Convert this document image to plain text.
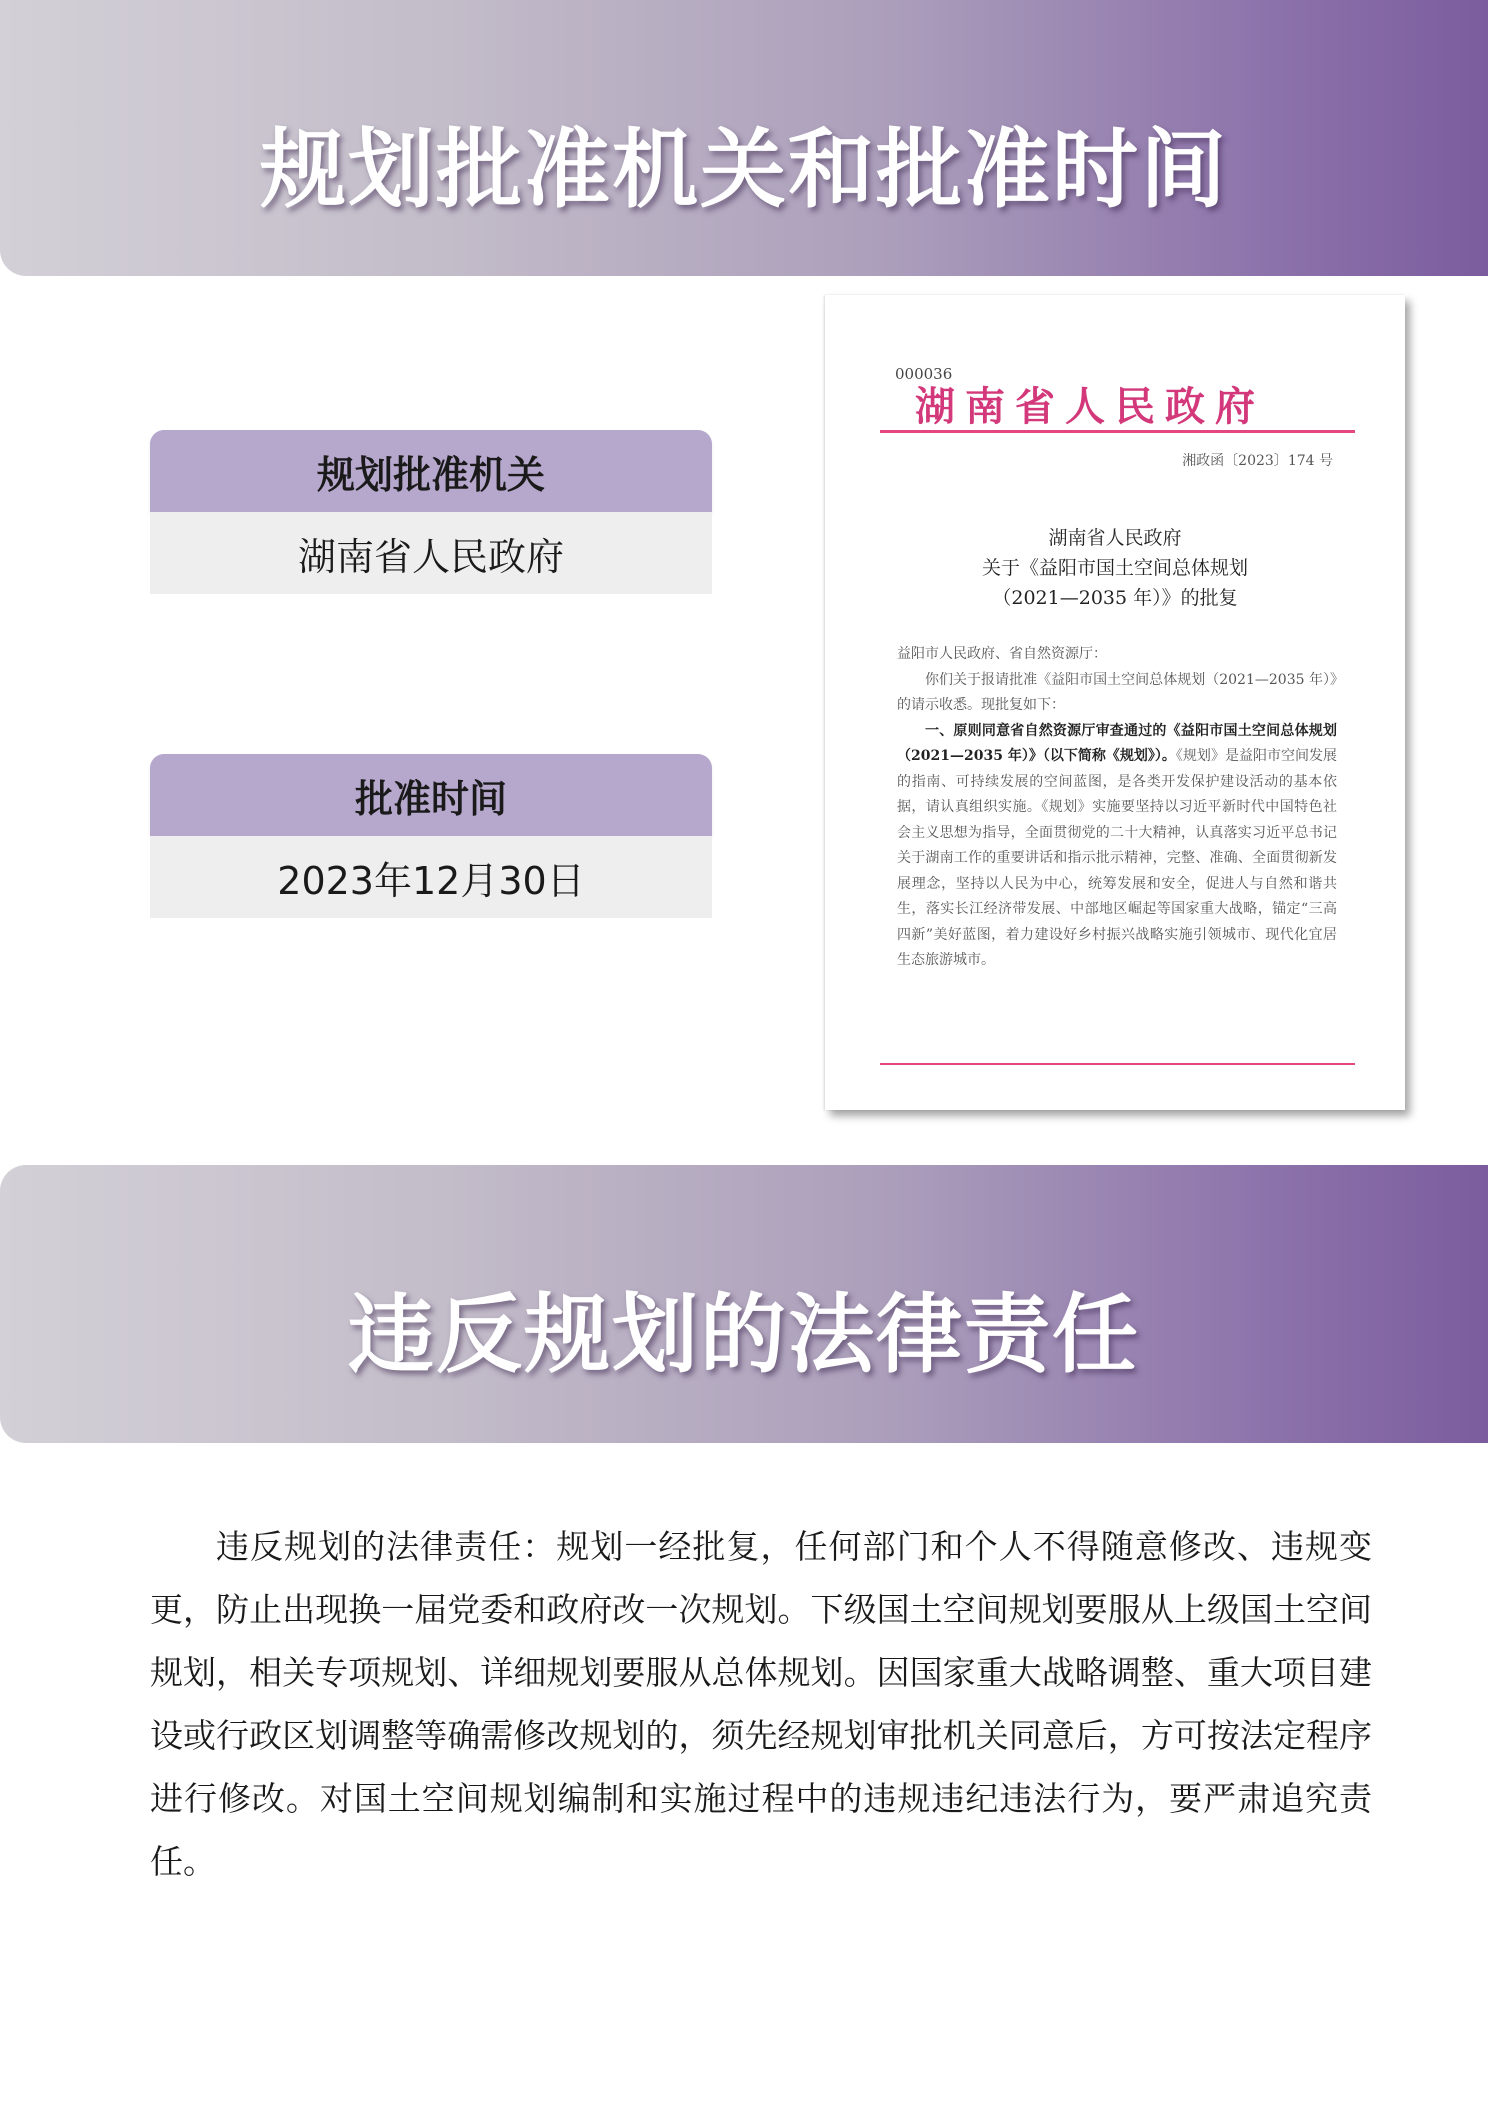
规划批准机关和批准时间
规划批准机关
湖南省人民政府
批准时间
2023年12月30日
000036
湖南省人民政府
湘政函〔2023〕174 号
湖南省人民政府
关于《益阳市国土空间总体规划
（2021—2035 年）》的批复

益阳市人民政府、省自然资源厅：

你们关于报请批准《益阳市国土空间总体规划（2021—2035 年）》的请示收悉。现批复如下：

一、原则同意省自然资源厅审查通过的《益阳市国土空间总体规划（2021—2035 年）》（以下简称《规划》）。《规划》是益阳市空间发展的指南、可持续发展的空间蓝图，是各类开发保护建设活动的基本依据，请认真组织实施。《规划》实施要坚持以习近平新时代中国特色社会主义思想为指导，全面贯彻党的二十大精神，认真落实习近平总书记关于湖南工作的重要讲话和指示批示精神，完整、准确、全面贯彻新发展理念，坚持以人民为中心，统筹发展和安全，促进人与自然和谐共生，落实长江经济带发展、中部地区崛起等国家重大战略，锚定“三高四新”美好蓝图，着力建设好乡村振兴战略实施引领城市、现代化宜居生态旅游城市。

违反规划的法律责任

违反规划的法律责任：规划一经批复，任何部门和个人不得随意修改、违规变更，防止出现换一届党委和政府改一次规划。下级国土空间规划要服从上级国土空间规划，相关专项规划、详细规划要服从总体规划。因国家重大战略调整、重大项目建设或行政区划调整等确需修改规划的，须先经规划审批机关同意后，方可按法定程序进行修改。对国土空间规划编制和实施过程中的违规违纪违法行为，要严肃追究责任。
